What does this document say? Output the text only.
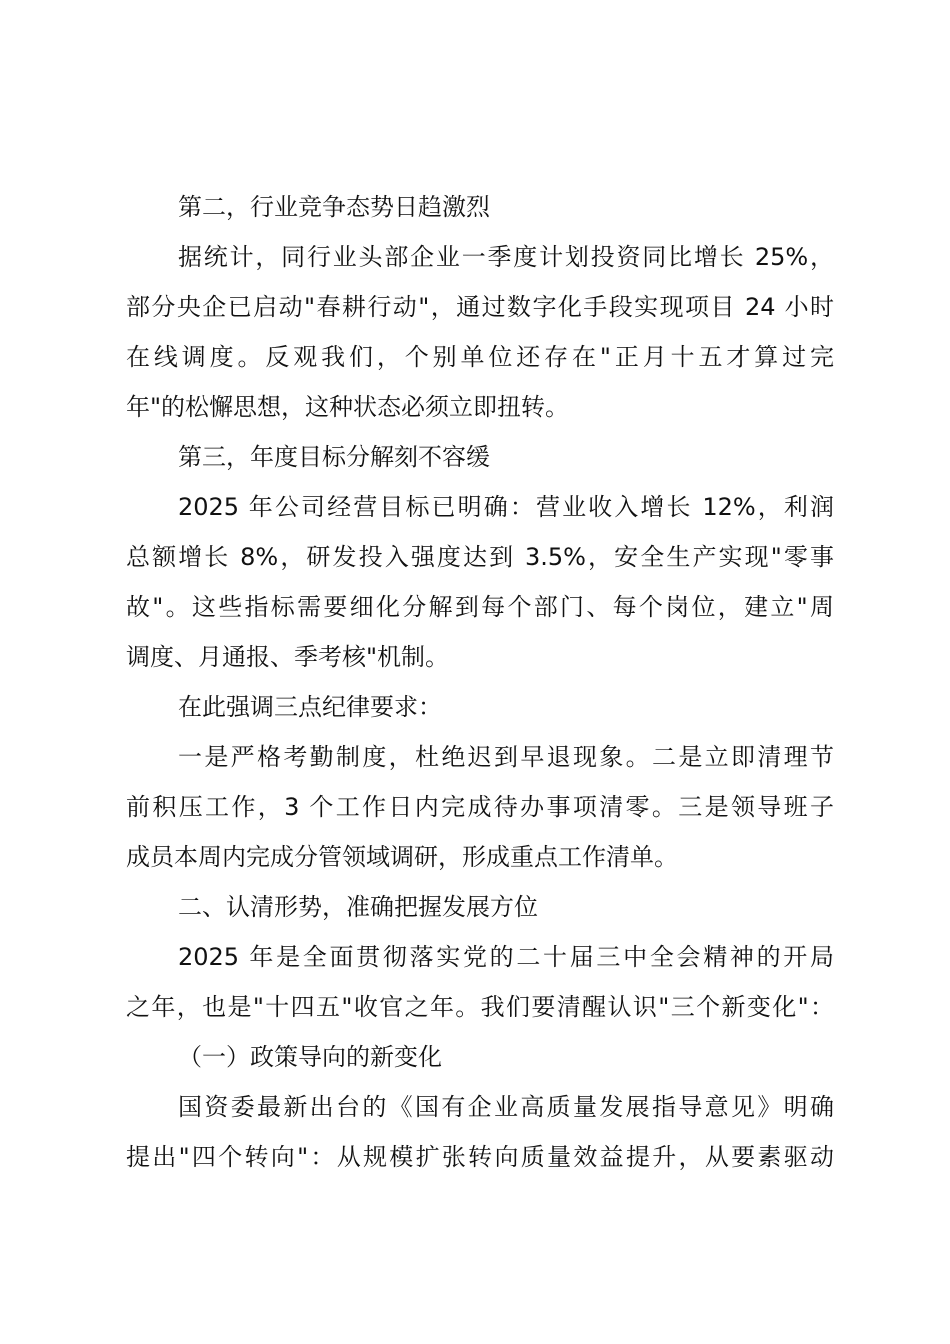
第二，行业竞争态势日趋激烈
据统计，同行业头部企业一季度计划投资同比增长 25%，
部分央企已启动"春耕行动"，通过数字化手段实现项目 24 小时
在线调度。反观我们，个别单位还存在"正月十五才算过完
年"的松懈思想，这种状态必须立即扭转。
第三，年度目标分解刻不容缓
2025 年公司经营目标已明确：营业收入增长 12%，利润
总额增长 8%，研发投入强度达到 3.5%，安全生产实现"零事
故"。这些指标需要细化分解到每个部门、每个岗位，建立"周
调度、月通报、季考核"机制。
在此强调三点纪律要求：
一是严格考勤制度，杜绝迟到早退现象。二是立即清理节
前积压工作，3 个工作日内完成待办事项清零。三是领导班子
成员本周内完成分管领域调研，形成重点工作清单。
二、认清形势，准确把握发展方位
2025 年是全面贯彻落实党的二十届三中全会精神的开局
之年，也是"十四五"收官之年。我们要清醒认识"三个新变化"：
（一）政策导向的新变化
国资委最新出台的《国有企业高质量发展指导意见》明确
提出"四个转向"：从规模扩张转向质量效益提升，从要素驱动
